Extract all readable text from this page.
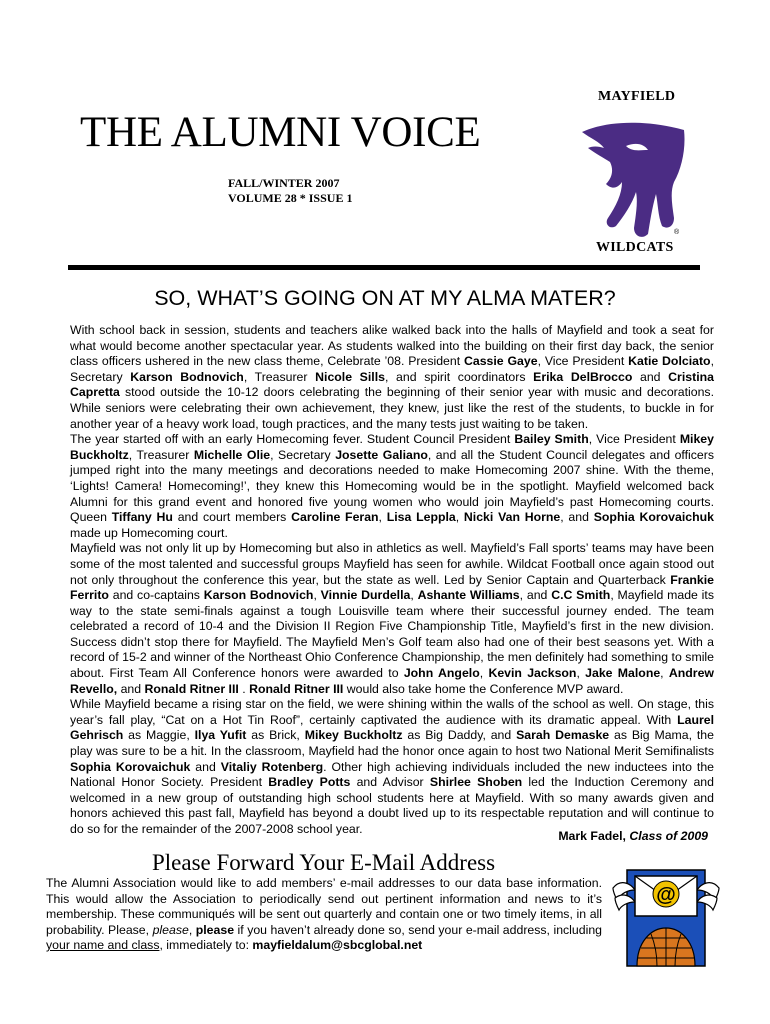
MAYFIELD
THE ALUMNI VOICE
FALL/WINTER 2007
VOLUME 28 * ISSUE 1
®
WILDCATS
SO, WHAT’S GOING ON AT MY ALMA MATER?

With school back in session, students and teachers alike walked back into the halls of Mayfield and took a seat for what would become another spectacular year. As students walked into the building on their first day back, the senior class officers ushered in the new class theme, Celebrate ’08. President Cassie Gaye, Vice President Katie Dolciato, Secretary Karson Bodnovich, Treasurer Nicole Sills, and spirit coordinators Erika DelBrocco and Cristina Capretta stood outside the 10-12 doors celebrating the beginning of their senior year with music and decorations. While seniors were celebrating their own achievement, they knew, just like the rest of the students, to buckle in for another year of a heavy work load, tough practices, and the many tests just waiting to be taken.

The year started off with an early Homecoming fever. Student Council President Bailey Smith, Vice President Mikey Buckholtz, Treasurer Michelle Olie, Secretary Josette Galiano, and all the Student Council delegates and officers jumped right into the many meetings and decorations needed to make Homecoming 2007 shine. With the theme, ‘Lights! Camera! Homecoming!’, they knew this Homecoming would be in the spotlight. Mayfield welcomed back Alumni for this grand event and honored five young women who would join Mayfield’s past Homecoming courts. Queen Tiffany Hu and court members Caroline Feran, Lisa Leppla, Nicki Van Horne, and Sophia Korovaichuk made up Homecoming court.

Mayfield was not only lit up by Homecoming but also in athletics as well. Mayfield’s Fall sports’ teams may have been some of the most talented and successful groups Mayfield has seen for awhile. Wildcat Football once again stood out not only throughout the conference this year, but the state as well. Led by Senior Captain and Quarterback Frankie Ferrito and co-captains Karson Bodnovich, Vinnie Durdella, Ashante Williams, and C.C Smith, Mayfield made its way to the state semi-finals against a tough Louisville team where their successful journey ended. The team celebrated a record of 10-4 and the Division II Region Five Championship Title, Mayfield’s first in the new division. Success didn’t stop there for Mayfield. The Mayfield Men’s Golf team also had one of their best seasons yet. With a record of 15-2 and winner of the Northeast Ohio Conference Championship, the men definitely had something to smile about. First Team All Conference honors were awarded to John Angelo, Kevin Jackson, Jake Malone, Andrew Revello, and Ronald Ritner III . Ronald Ritner III would also take home the Conference MVP award.

While Mayfield became a rising star on the field, we were shining within the walls of the school as well. On stage, this year’s fall play, “Cat on a Hot Tin Roof”, certainly captivated the audience with its dramatic appeal. With Laurel Gehrisch as Maggie, Ilya Yufit as Brick, Mikey Buckholtz as Big Daddy, and Sarah Demaske as Big Mama, the play was sure to be a hit. In the classroom, Mayfield had the honor once again to host two National Merit Semifinalists Sophia Korovaichuk and Vitaliy Rotenberg. Other high achieving individuals included the new inductees into the National Honor Society. President Bradley Potts and Advisor Shirlee Shoben led the Induction Ceremony and welcomed in a new group of outstanding high school students here at Mayfield. With so many awards given and honors achieved this past fall, Mayfield has beyond a doubt lived up to its respectable reputation and will continue to do so for the remainder of the 2007-2008 school year.	Mark Fadel, Class of 2009
Please Forward Your E-Mail Address

The Alumni Association would like to add members’ e-mail addresses to our data base information. This would allow the Association to periodically send out pertinent information and news to it’s membership. These communiqués will be sent out quarterly and contain one or two timely items, in all probability. Please, please, please if you haven’t already done so, send your e-mail address, including your name and class, immediately to: mayfieldalum@sbcglobal.net

@
